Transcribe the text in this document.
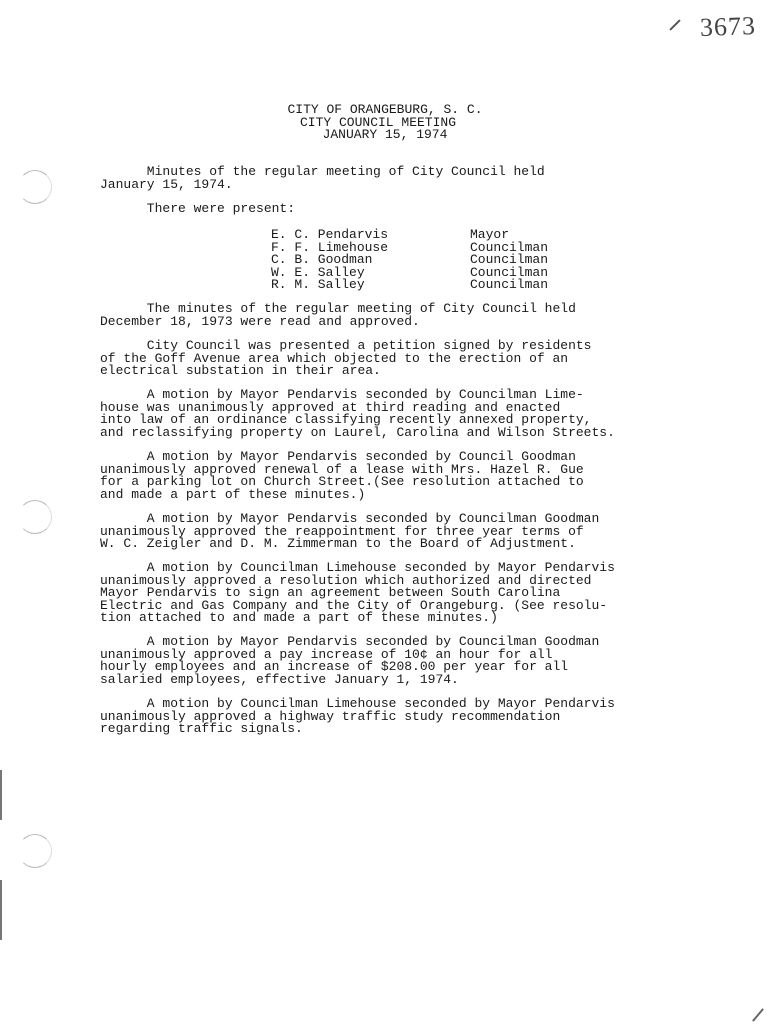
3673
CITY OF ORANGEBURG, S. C.
CITY COUNCIL MEETING
JANUARY 15, 1974
Minutes of the regular meeting of City Council held
January 15, 1974.
There were present:
E. C. Pendarvis	Mayor
F. F. Limehouse	Councilman
C. B. Goodman	Councilman
W. E. Salley	Councilman
R. M. Salley	Councilman
The minutes of the regular meeting of City Council held
December 18, 1973 were read and approved.
City Council was presented a petition signed by residents
of the Goff Avenue area which objected to the erection of an
electrical substation in their area.
A motion by Mayor Pendarvis seconded by Councilman Lime-
house was unanimously approved at third reading and enacted
into law of an ordinance classifying recently annexed property,
and reclassifying property on Laurel, Carolina and Wilson Streets.
A motion by Mayor Pendarvis seconded by Council Goodman
unanimously approved renewal of a lease with Mrs. Hazel R. Gue
for a parking lot on Church Street.(See resolution attached to
and made a part of these minutes.)
A motion by Mayor Pendarvis seconded by Councilman Goodman
unanimously approved the reappointment for three year terms of
W. C. Zeigler and D. M. Zimmerman to the Board of Adjustment.
A motion by Councilman Limehouse seconded by Mayor Pendarvis
unanimously approved a resolution which authorized and directed
Mayor Pendarvis to sign an agreement between South Carolina
Electric and Gas Company and the City of Orangeburg. (See resolu-
tion attached to and made a part of these minutes.)
A motion by Mayor Pendarvis seconded by Councilman Goodman
unanimously approved a pay increase of 10¢ an hour for all
hourly employees and an increase of $208.00 per year for all
salaried employees, effective January 1, 1974.
A motion by Councilman Limehouse seconded by Mayor Pendarvis
unanimously approved a highway traffic study recommendation
regarding traffic signals.
